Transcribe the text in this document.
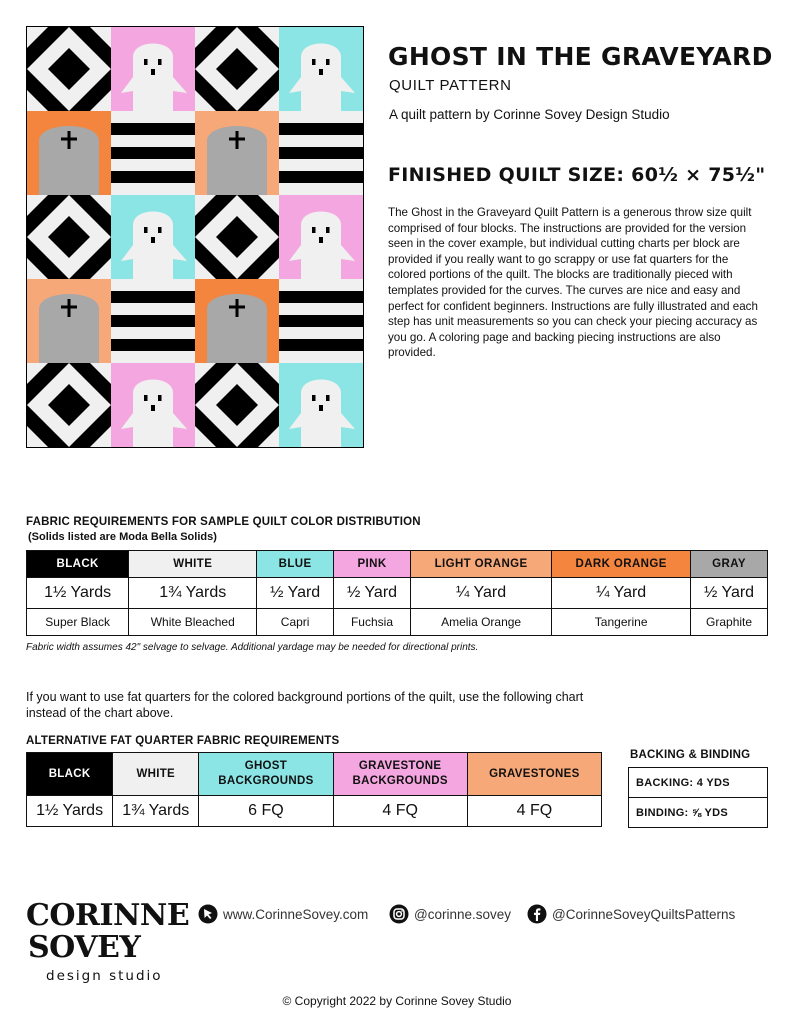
GHOST IN THE GRAVEYARD
QUILT PATTERN
A quilt pattern by Corinne Sovey Design Studio
FINISHED QUILT SIZE: 60½ × 75½"
The Ghost in the Graveyard Quilt Pattern is a generous throw size quilt comprised of four blocks. The instructions are provided for the version seen in the cover example, but individual cutting charts per block are provided if you really want to go scrappy or use fat quarters for the colored portions of the quilt. The blocks are traditionally pieced with templates provided for the curves. The curves are nice and easy and perfect for confident beginners. Instructions are fully illustrated and each step has unit measurements so you can check your piecing accuracy as you go. A coloring page and backing piecing instructions are also provided.
FABRIC REQUIREMENTS FOR SAMPLE QUILT COLOR DISTRIBUTION
(Solids listed are Moda Bella Solids)
BLACK	WHITE	BLUE	PINK	LIGHT ORANGE	DARK ORANGE	GRAY
1½ Yards	1¾ Yards	½ Yard	½ Yard	¼ Yard	¼ Yard	½ Yard
Super Black	White Bleached	Capri	Fuchsia	Amelia Orange	Tangerine	Graphite
Fabric width assumes 42" selvage to selvage. Additional yardage may be needed for directional prints.
If you want to use fat quarters for the colored background portions of the quilt, use the following chart instead of the chart above.
ALTERNATIVE FAT QUARTER FABRIC REQUIREMENTS
BLACK	WHITE	GHOST BACKGROUNDS	GRAVESTONE BACKGROUNDS	GRAVESTONES
1½ Yards	1¾ Yards	6 FQ	4 FQ	4 FQ
BACKING & BINDING
BACKING: 4 YDS
BINDING: ⅝ YDS
CORINNE
SOVEY
design studio
www.CorinneSovey.com	@corinne.sovey	@CorinneSoveyQuiltsPatterns
© Copyright 2022 by Corinne Sovey Studio
